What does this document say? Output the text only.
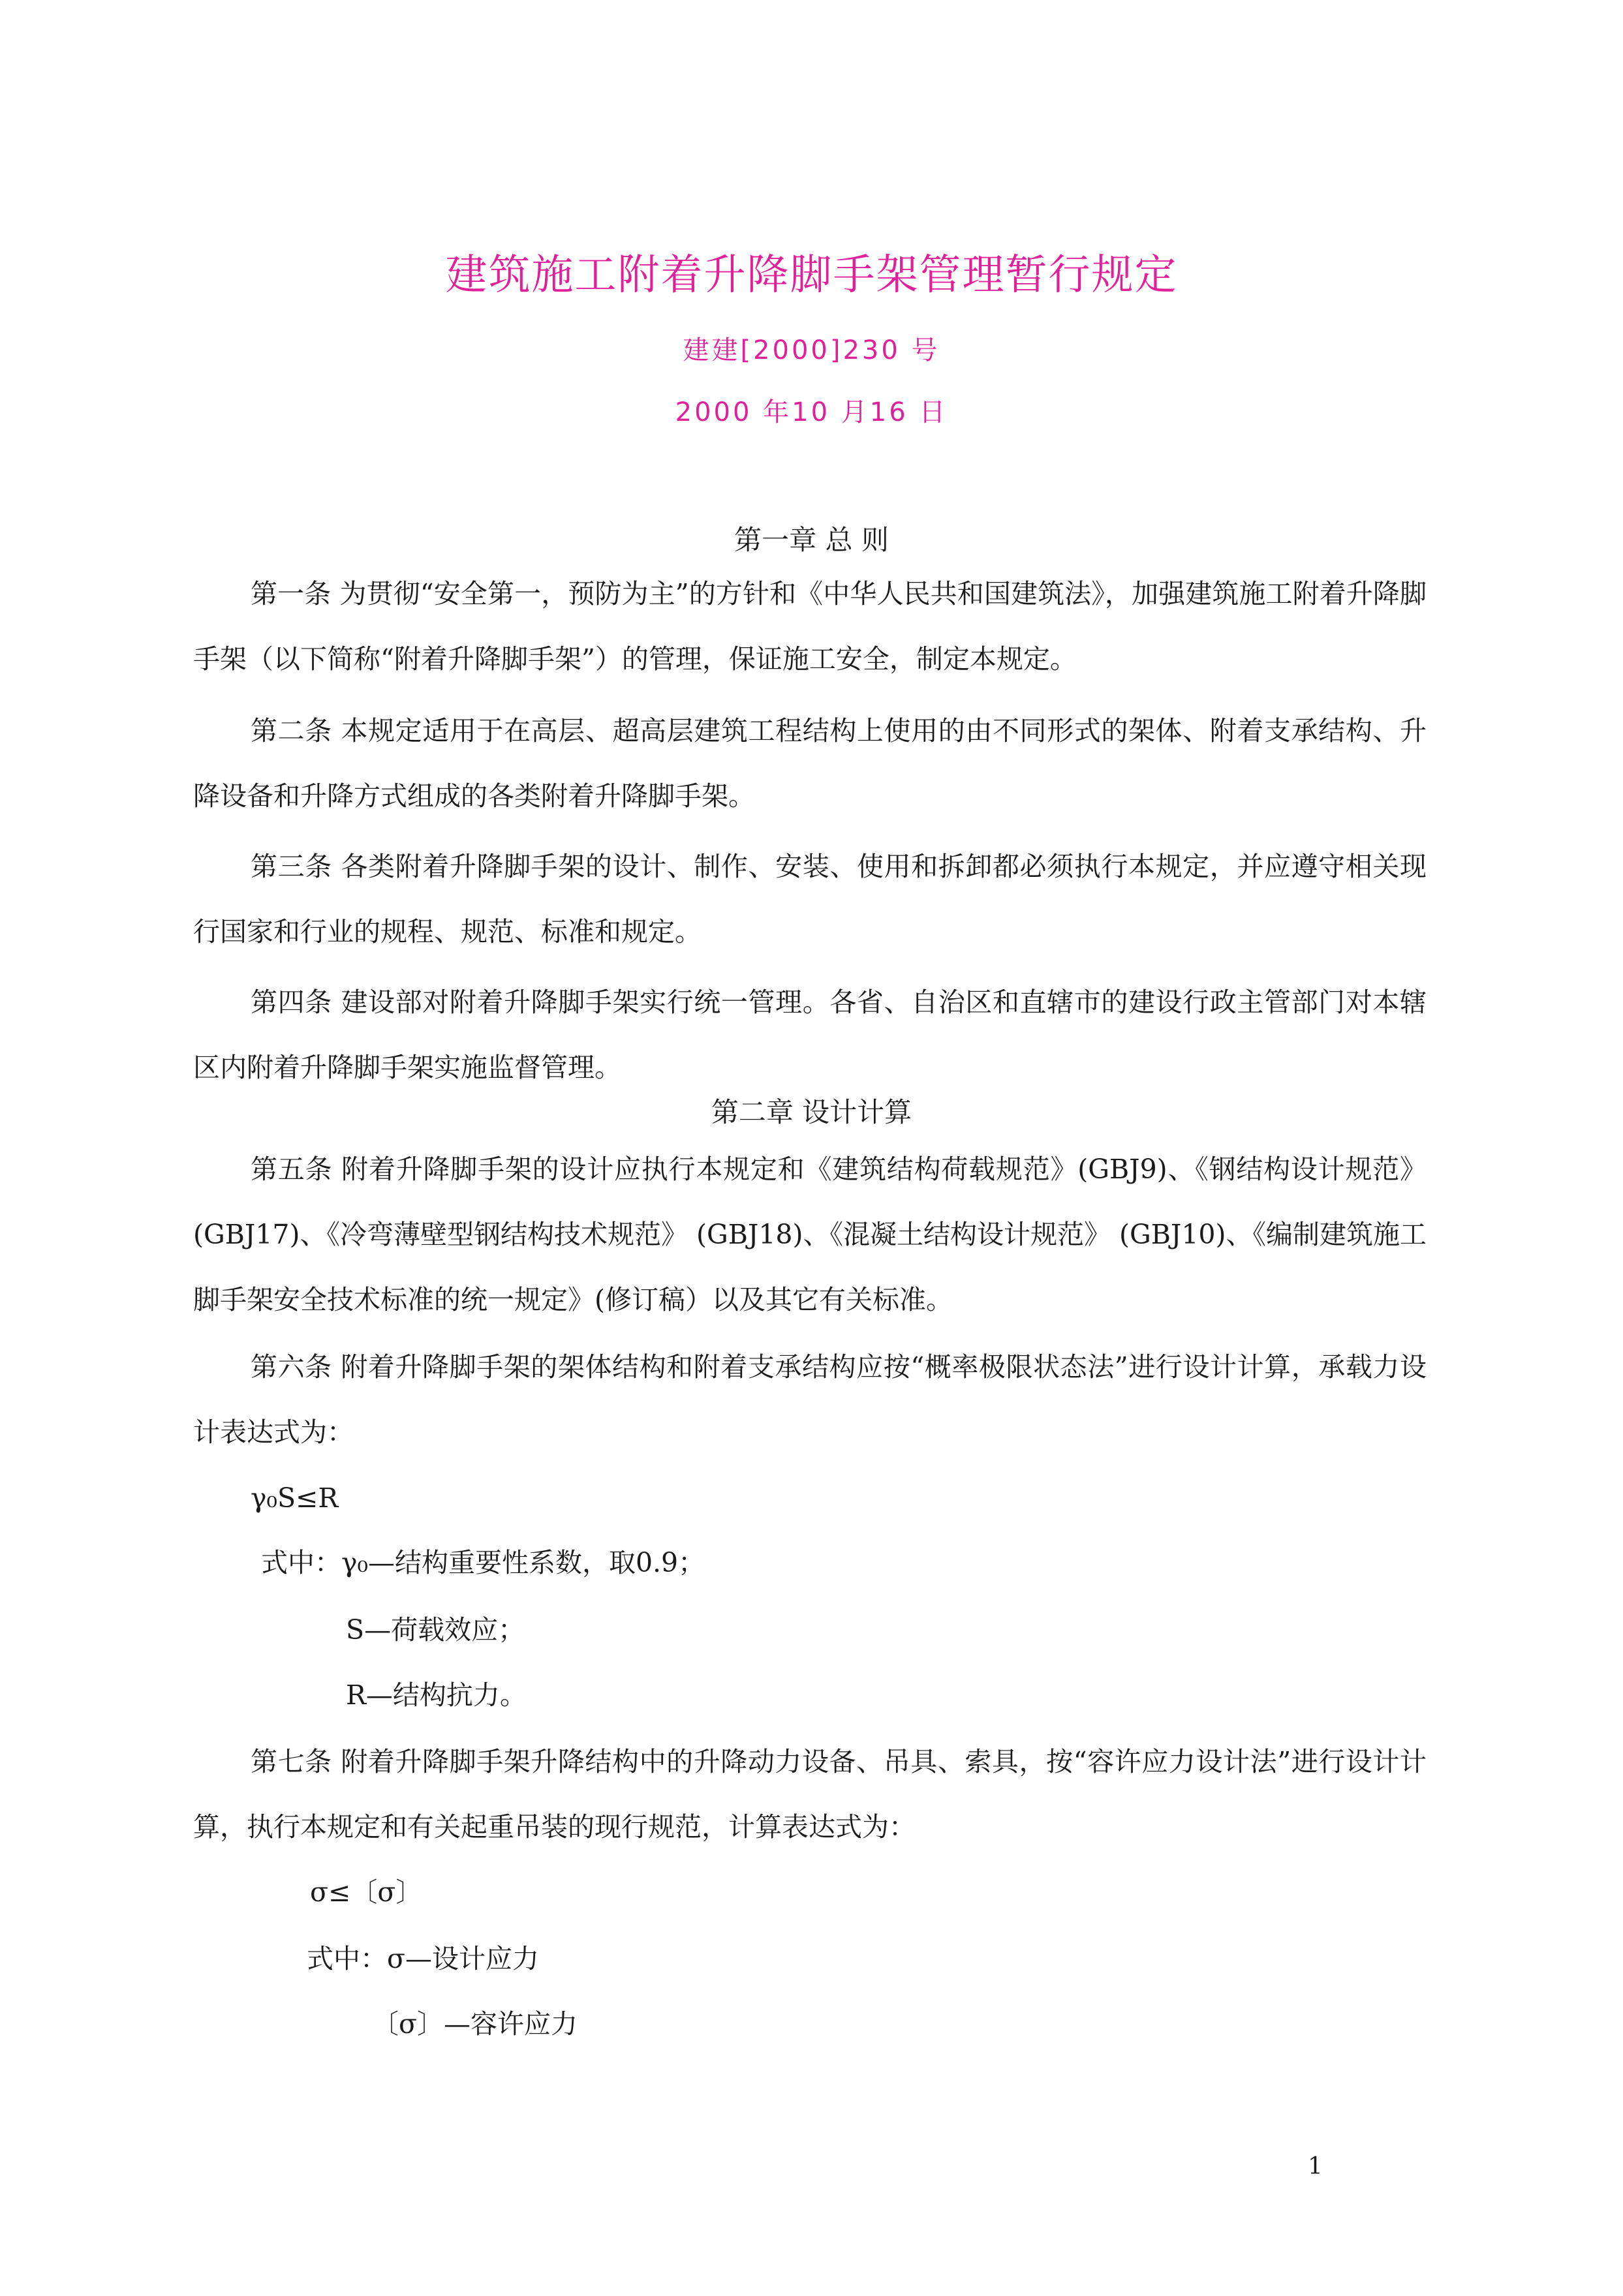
建筑施工附着升降脚手架管理暂行规定
建建[2000]230 号
2000 年10 月16 日
第一章 总 则
第一条 为贯彻“安全第一，预防为主”的方针和《中华人民共和国建筑法》，加强建筑施工附着升降脚手架（以下简称“附着升降脚手架”）的管理，保证施工安全，制定本规定。
第二条 本规定适用于在高层、超高层建筑工程结构上使用的由不同形式的架体、附着支承结构、升降设备和升降方式组成的各类附着升降脚手架。
第三条 各类附着升降脚手架的设计、制作、安装、使用和拆卸都必须执行本规定，并应遵守相关现行国家和行业的规程、规范、标准和规定。
第四条 建设部对附着升降脚手架实行统一管理。各省、自治区和直辖市的建设行政主管部门对本辖区内附着升降脚手架实施监督管理。
第二章 设计计算
第五条 附着升降脚手架的设计应执行本规定和《建筑结构荷载规范》(GBJ9)、《钢结构设计规范》(GBJ17)、《冷弯薄壁型钢结构技术规范》 (GBJ18)、《混凝土结构设计规范》 (GBJ10)、《编制建筑施工脚手架安全技术标准的统一规定》(修订稿）以及其它有关标准。
第六条 附着升降脚手架的架体结构和附着支承结构应按“概率极限状态法”进行设计计算，承载力设计表达式为：
γ₀S≤R
式中：γ₀—结构重要性系数，取0.9；
S—荷载效应；
R—结构抗力。
第七条 附着升降脚手架升降结构中的升降动力设备、吊具、索具，按“容许应力设计法”进行设计计算，执行本规定和有关起重吊装的现行规范，计算表达式为：
σ≤〔σ〕
式中：σ—设计应力
〔σ〕—容许应力
1
